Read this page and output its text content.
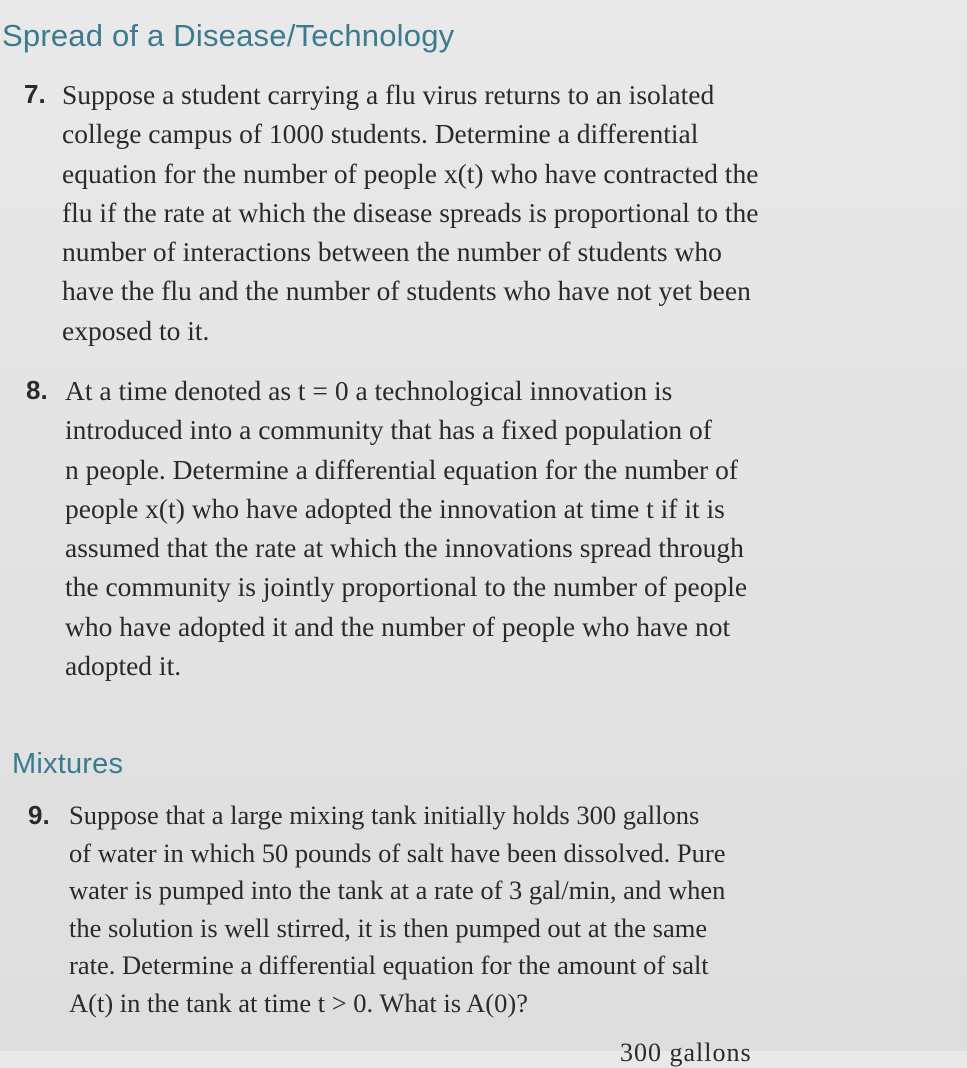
Spread of a Disease/Technology
7. Suppose a student carrying a flu virus returns to an isolated
college campus of 1000 students. Determine a differential
equation for the number of people x(t) who have contracted the
flu if the rate at which the disease spreads is proportional to the
number of interactions between the number of students who
have the flu and the number of students who have not yet been
exposed to it.
8. At a time denoted as t = 0 a technological innovation is
introduced into a community that has a fixed population of
n people. Determine a differential equation for the number of
people x(t) who have adopted the innovation at time t if it is
assumed that the rate at which the innovations spread through
the community is jointly proportional to the number of people
who have adopted it and the number of people who have not
adopted it.
Mixtures
9. Suppose that a large mixing tank initially holds 300 gallons
of water in which 50 pounds of salt have been dissolved. Pure
water is pumped into the tank at a rate of 3 gal/min, and when
the solution is well stirred, it is then pumped out at the same
rate. Determine a differential equation for the amount of salt
A(t) in the tank at time t > 0. What is A(0)?
300 gallons
